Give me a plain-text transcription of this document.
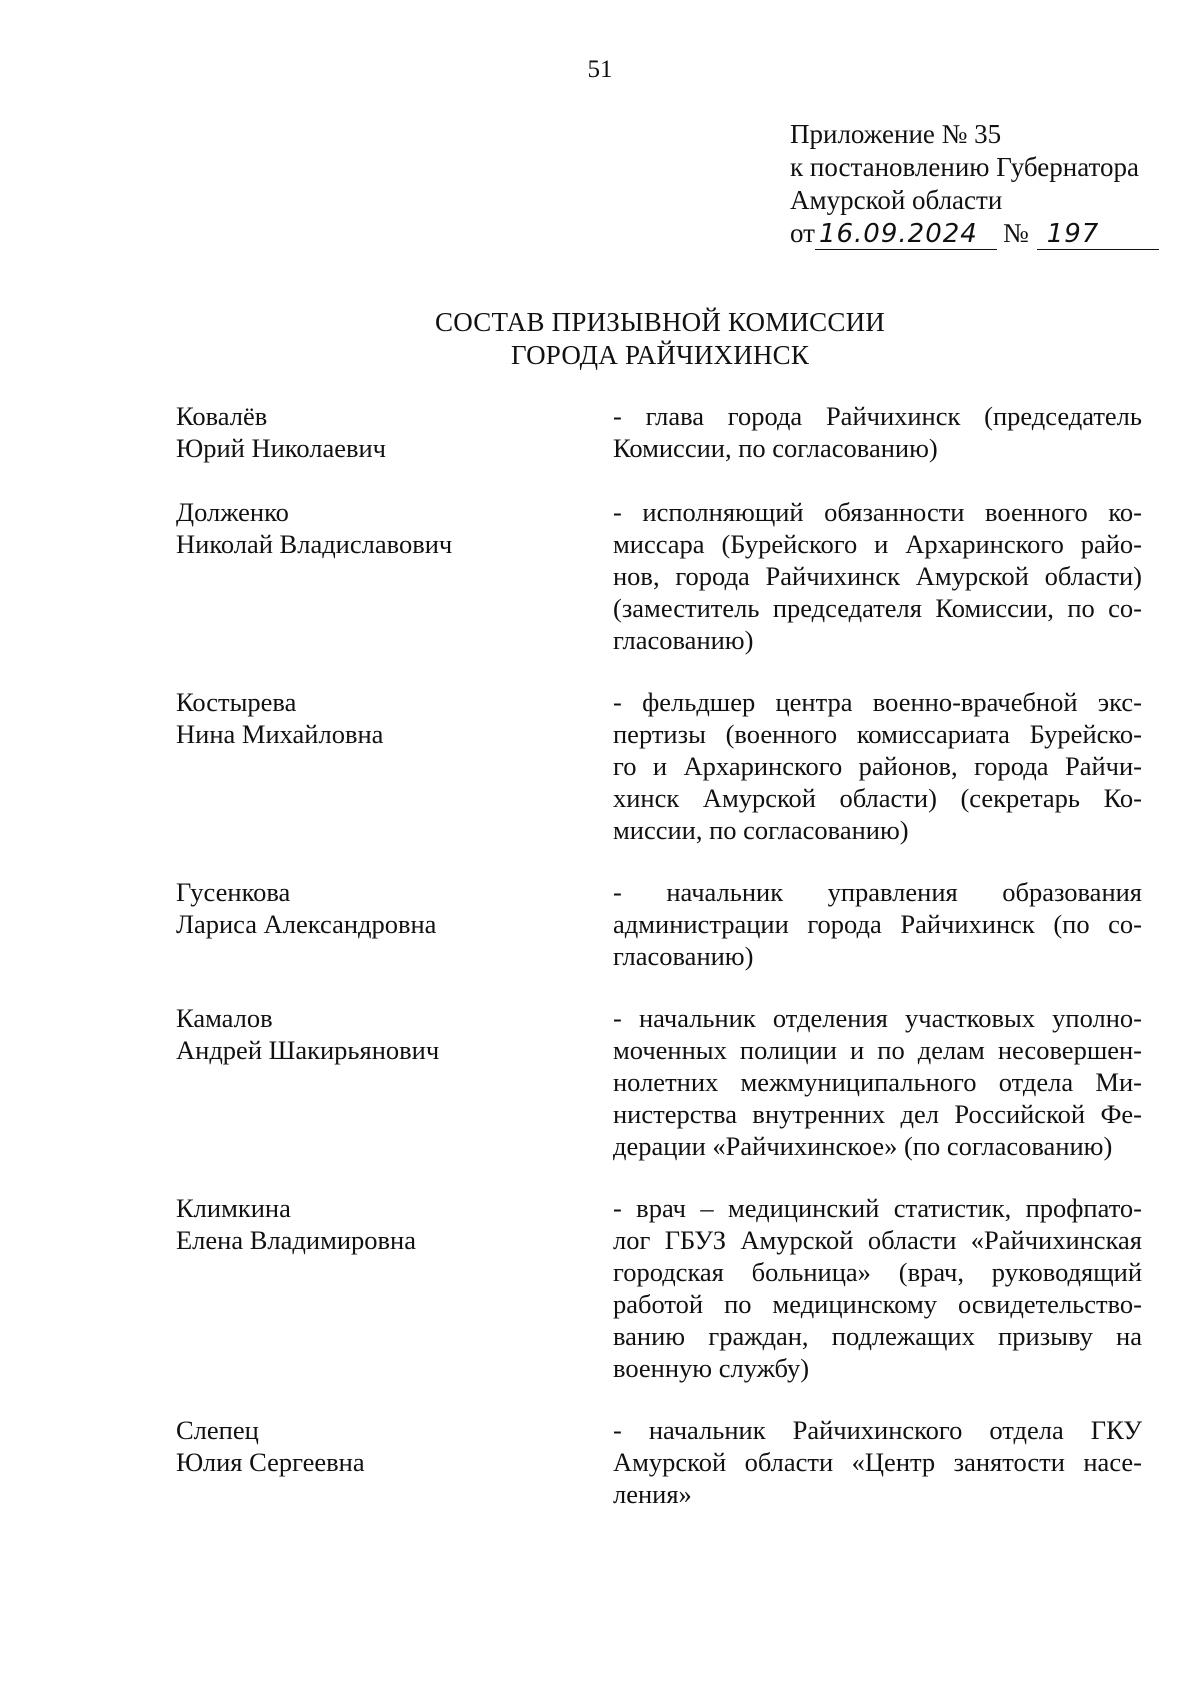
51
Приложение № 35
к постановлению Губернатора
Амурской области
от 16.09.2024 № 197
СОСТАВ ПРИЗЫВНОЙ КОМИССИИ
ГОРОДА РАЙЧИХИНСК
Ковалёв
Юрий Николаевич
- глава города Райчихинск (председатель
Комиссии, по согласованию)
Долженко
Николай Владиславович
- исполняющий обязанности военного ко-
миссара (Бурейского и Архаринского райо-
нов, города Райчихинск Амурской области)
(заместитель председателя Комиссии, по со-
гласованию)
Костырева
Нина Михайловна
- фельдшер центра военно-врачебной экс-
пертизы (военного комиссариата Бурейско-
го и Архаринского районов, города Райчи-
хинск Амурской области) (секретарь Ко-
миссии, по согласованию)
Гусенкова
Лариса Александровна
- начальник управления образования
администрации города Райчихинск (по со-
гласованию)
Камалов
Андрей Шакирьянович
- начальник отделения участковых уполно-
моченных полиции и по делам несовершен-
нолетних межмуниципального отдела Ми-
нистерства внутренних дел Российской Фе-
дерации «Райчихинское» (по согласованию)
Климкина
Елена Владимировна
- врач – медицинский статистик, профпато-
лог ГБУЗ Амурской области «Райчихинская
городская больница» (врач, руководящий
работой по медицинскому освидетельство-
ванию граждан, подлежащих призыву на
военную службу)
Слепец
Юлия Сергеевна
- начальник Райчихинского отдела ГКУ
Амурской области «Центр занятости насе-
ления»
